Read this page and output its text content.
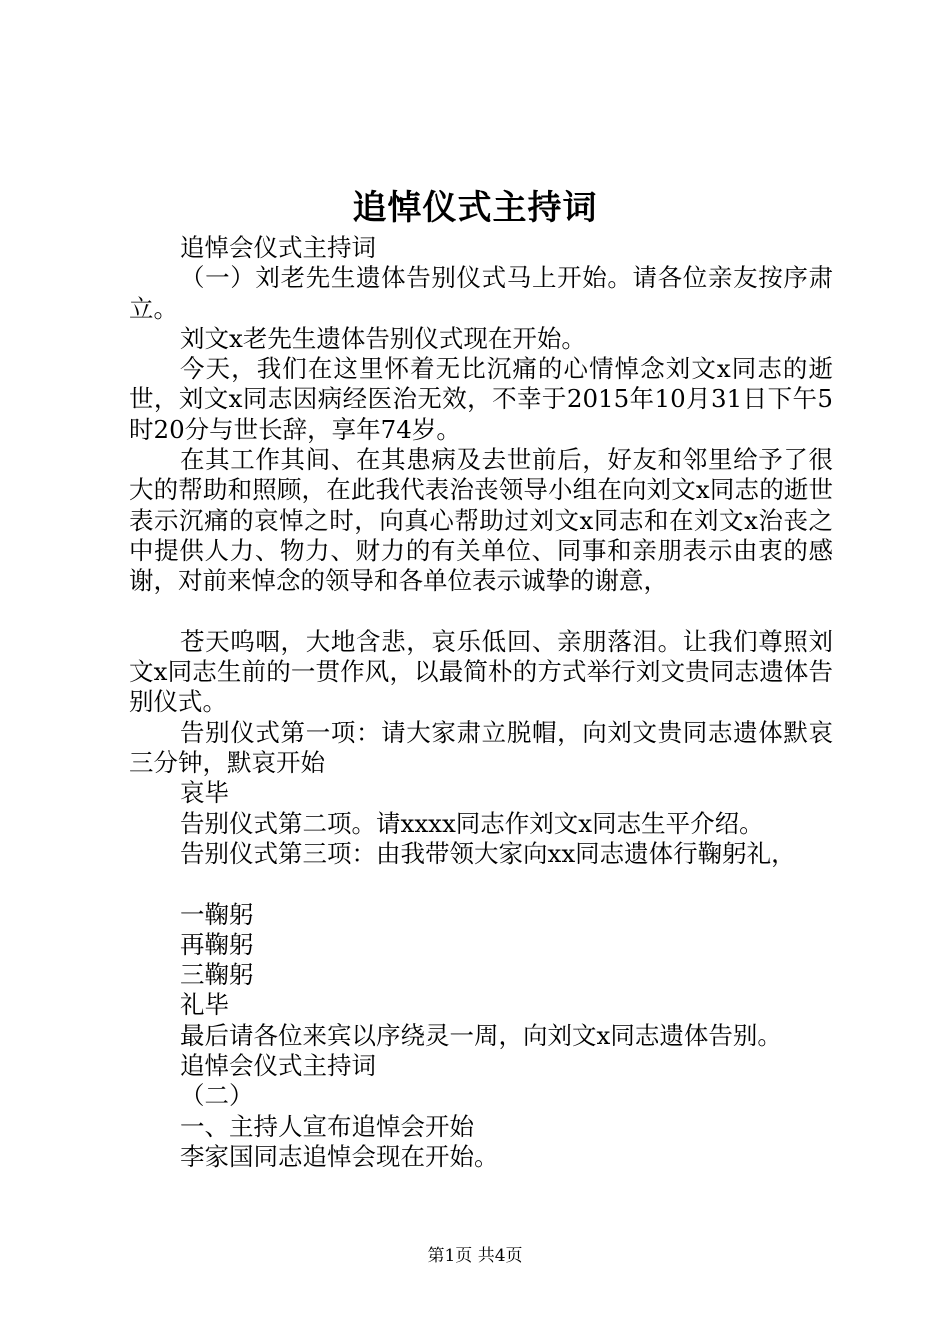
追悼仪式主持词

追悼会仪式主持词

（一）刘老先生遗体告别仪式马上开始。请各位亲友按序肃立。

刘文x老先生遗体告别仪式现在开始。

今天，我们在这里怀着无比沉痛的心情悼念刘文x同志的逝世，刘文x同志因病经医治无效，不幸于2015年10月31日下午5时20分与世长辞，享年74岁。

在其工作其间、在其患病及去世前后，好友和邻里给予了很大的帮助和照顾，在此我代表治丧领导小组在向刘文x同志的逝世表示沉痛的哀悼之时，向真心帮助过刘文x同志和在刘文x治丧之中提供人力、物力、财力的有关单位、同事和亲朋表示由衷的感谢，对前来悼念的领导和各单位表示诚挚的谢意，

苍天呜咽，大地含悲，哀乐低回、亲朋落泪。让我们尊照刘文x同志生前的一贯作风，以最简朴的方式举行刘文贵同志遗体告别仪式。

告别仪式第一项：请大家肃立脱帽，向刘文贵同志遗体默哀三分钟，默哀开始

哀毕

告别仪式第二项。请xxxx同志作刘文x同志生平介绍。

告别仪式第三项：由我带领大家向xx同志遗体行鞠躬礼，

一鞠躬

再鞠躬

三鞠躬

礼毕

最后请各位来宾以序绕灵一周，向刘文x同志遗体告别。

追悼会仪式主持词

（二）

一、主持人宣布追悼会开始

李家国同志追悼会现在开始。

第1页 共4页
